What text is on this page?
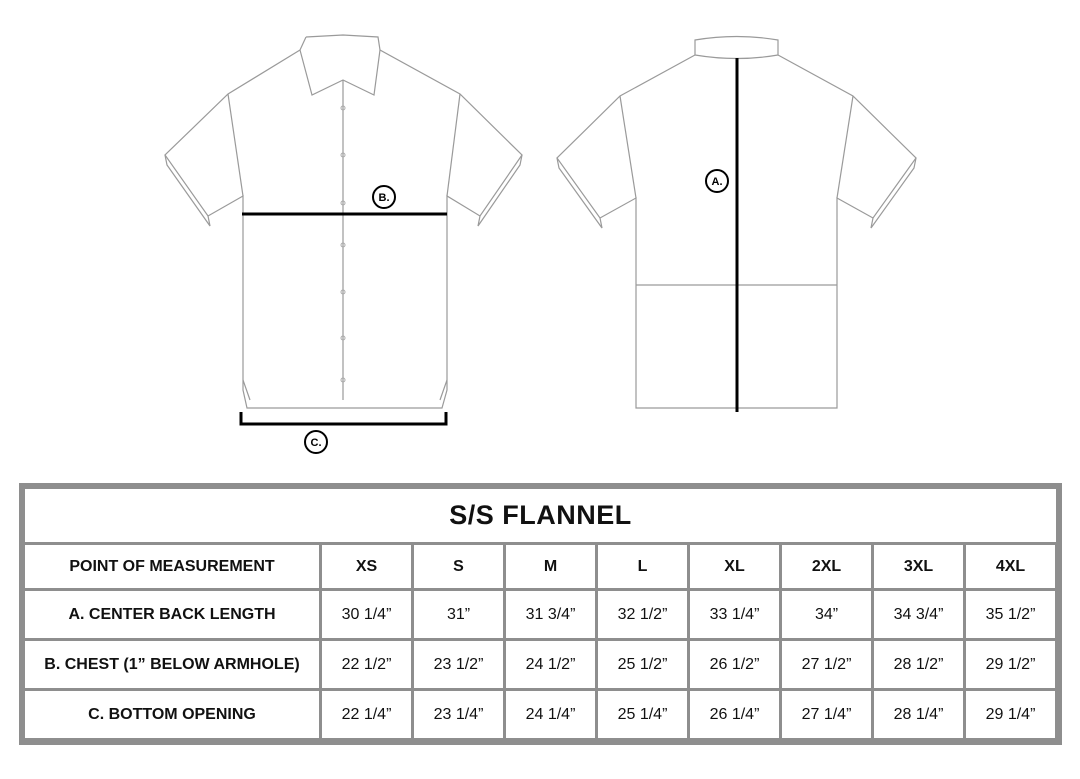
B.
C.
A.
S/S FLANNEL
POINT OF MEASUREMENT	XS	S	M	L	XL	2XL	3XL	4XL
A. CENTER BACK LENGTH	30 1/4”	31”	31 3/4”	32 1/2”	33 1/4”	34”	34 3/4”	35 1/2”
B. CHEST (1” BELOW ARMHOLE)	22 1/2”	23 1/2”	24 1/2”	25 1/2”	26 1/2”	27 1/2”	28 1/2”	29 1/2”
C. BOTTOM OPENING	22 1/4”	23 1/4”	24 1/4”	25 1/4”	26 1/4”	27 1/4”	28 1/4”	29 1/4”
